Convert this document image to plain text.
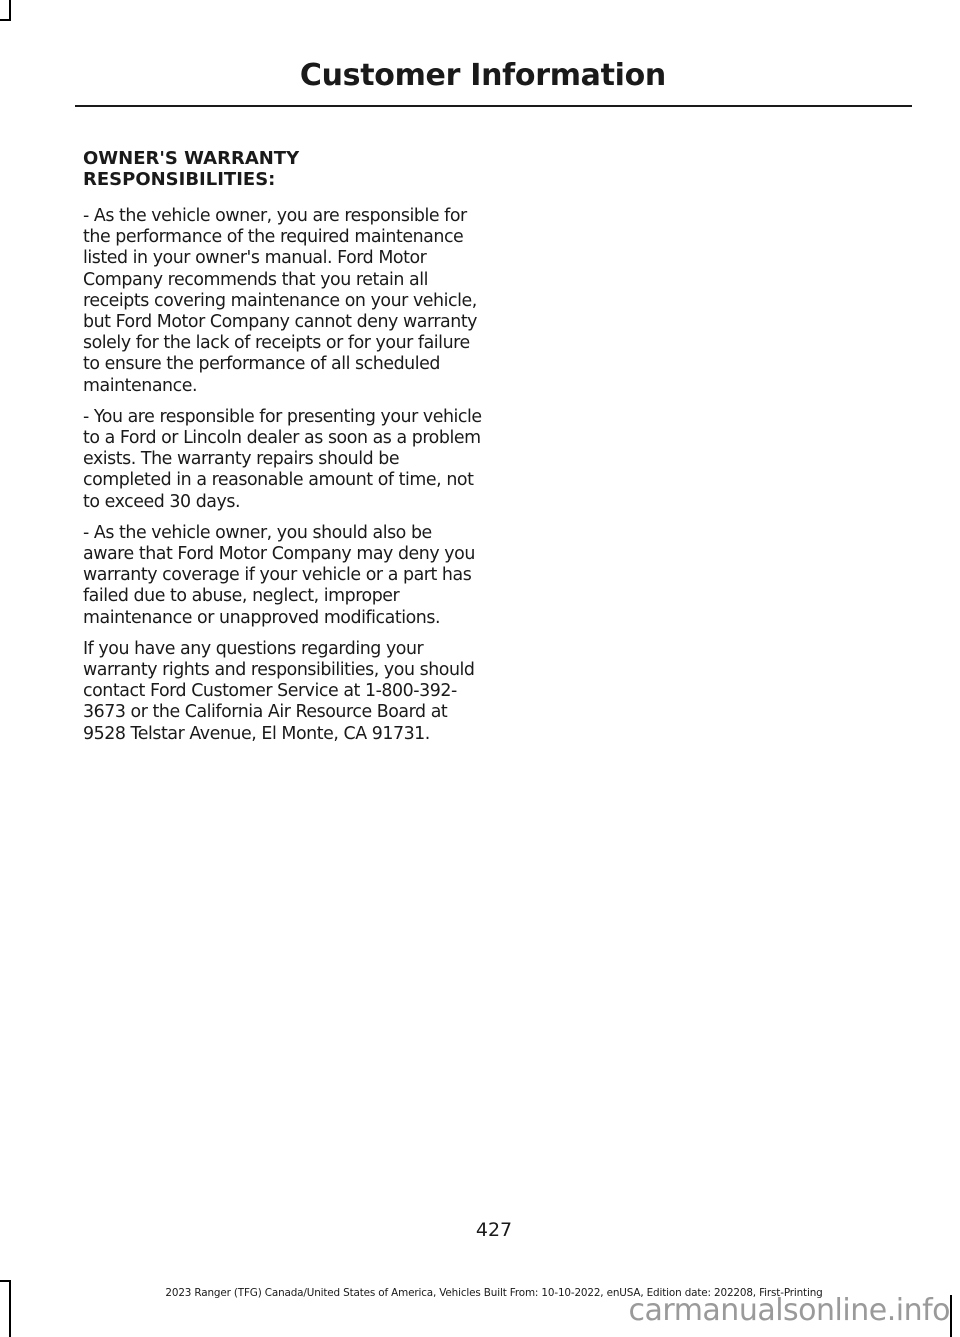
Customer Information
OWNER'S WARRANTY RESPONSIBILITIES:

- As the vehicle owner, you are responsible for the performance of the required maintenance listed in your owner's manual. Ford Motor Company recommends that you retain all receipts covering maintenance on your vehicle, but Ford Motor Company cannot deny warranty solely for the lack of receipts or for your failure to ensure the performance of all scheduled maintenance.

- You are responsible for presenting your vehicle to a Ford or Lincoln dealer as soon as a problem exists. The warranty repairs should be completed in a reasonable amount of time, not to exceed 30 days.

- As the vehicle owner, you should also be aware that Ford Motor Company may deny you warranty coverage if your vehicle or a part has failed due to abuse, neglect, improper maintenance or unapproved modifications.

If you have any questions regarding your warranty rights and responsibilities, you should contact Ford Customer Service at 1-800-392-3673 or the California Air Resource Board at 9528 Telstar Avenue, El Monte, CA 91731.

427
2023 Ranger (TFG) Canada/United States of America, Vehicles Built From: 10-10-2022, enUSA, Edition date: 202208, First-Printing
carmanualsonline.info
